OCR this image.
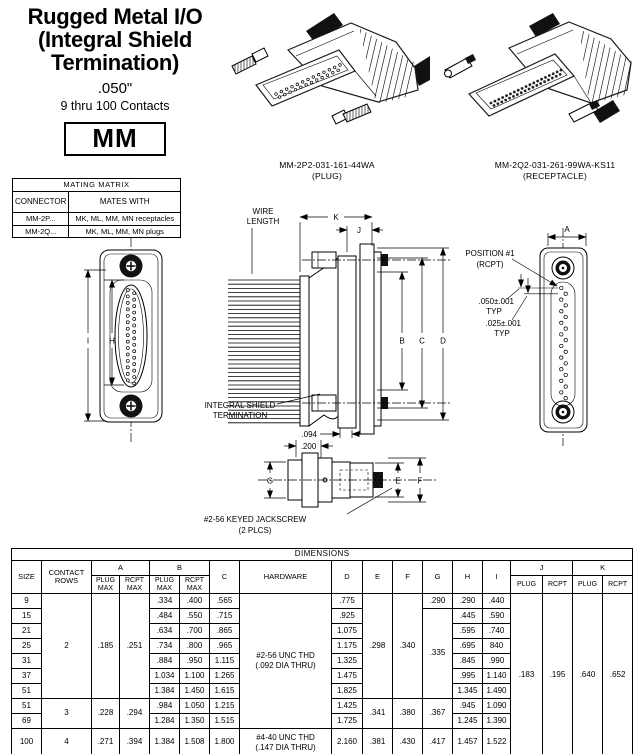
Rugged Metal I/O
(Integral Shield
Termination)
.050"
9 thru 100 Contacts
MM
MM-2P2-031-161-44WA
(PLUG)
MM-2Q2-031-261-99WA-KS11
(RECEPTACLE)
MATING MATRIX	
CONNECTOR	MATES WITH
MM-2P...	MK, ML, MM, MN receptacles
MM-2Q...	MK, ML, MM, MN plugs
I H
WIRE
LENGTH	K
J
B C D
INTEGRAL SHIELD
TERMINATION
.094
.200
G	E F
#2-56 KEYED JACKSCREW
(2 PLCS)
A
POSITION #1
(RCPT)
.050±.001
TYP
.025±.001
TYP
DIMENSIONS																	
SIZE	CONTACT ROWS	A		B		C	HARDWARE	D	E	F	G	H	I	J		K	
		PLUG MAX	RCPT MAX	PLUG MAX	RCPT MAX									PLUG	RCPT	PLUG	RCPT
9	2	.185	.251	.334	.400	.565	#2-56 UNC THD
(.092 DIA THRU)	.775	.298	.340	.290	.290	.440	.183	.195	.640	.652
15				.484	.550	.715		.925			.335	.445	.590				
21				.634	.700	.865		1.075				.595	.740				
25				.734	.800	.965		1.175				.695	840				
31				.884	.950	1.115		1.325				.845	.990				
37				1.034	1.100	1.265		1.475				.995	1.140				
51				1.384	1.450	1.615		1.825				1.345	1.490				
51	3	.228	.294	.984	1.050	1.215		1.425	.341	.380	.367	.945	1.090				
69				1.284	1.350	1.515		1.725				1.245	1.390				
100	4	.271	.394	1.384	1.508	1.800	#4-40 UNC THD
(.147 DIA THRU)	2.160	.381	.430	.417	1.457	1.522				
